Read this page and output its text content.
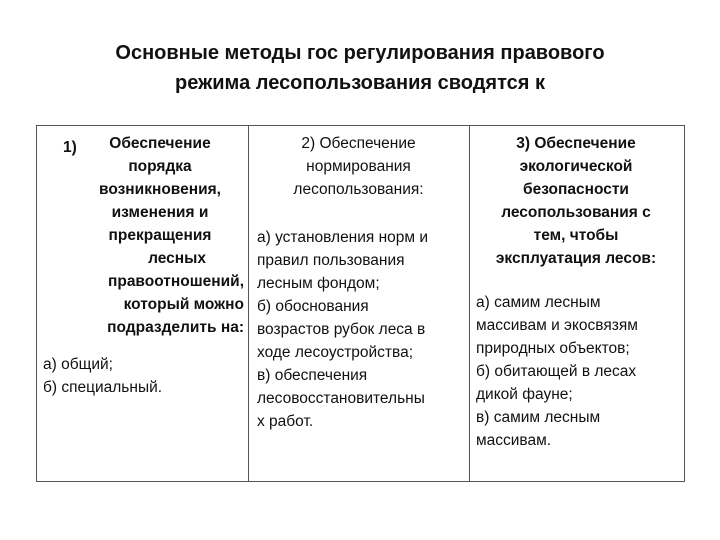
Основные методы гос регулирования правового
режима лесопользования сводятся к
1)	Обеспечение
порядка
возникновения,
изменения и
прекращения
лесных
правоотношений,
который можно
подразделить на:
а) общий;
б) специальный.
2) Обеспечение
нормирования
лесопользования:
а) установления норм и
правил пользования
лесным фондом;
б) обоснования
возрастов рубок леса в
ходе лесоустройства;
в) обеспечения
лесовосстановительны
х работ.
3) Обеспечение
экологической
безопасности
лесопользования с
тем, чтобы
эксплуатация лесов:
а) самим лесным
массивам и экосвязям
природных объектов;
б) обитающей в лесах
дикой фауне;
в) самим лесным
массивам.
